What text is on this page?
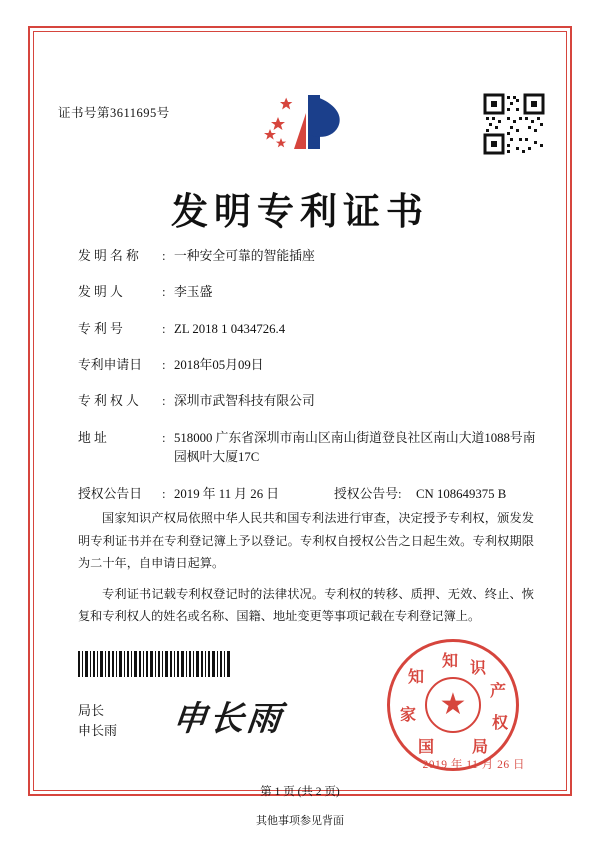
证书号第3611695号
发明专利证书
发 明 名 称	: 一种安全可靠的智能插座
发 明 人	: 李玉盛
专 利 号	: ZL 2018 1 0434726.4
专利申请日	: 2018年05月09日
专 利 权 人	: 深圳市武智科技有限公司
地 址	: 518000 广东省深圳市南山区南山街道登良社区南山大道1088号南园枫叶大厦17C
授权公告日	: 2019 年 11 月 26 日	授权公告号 :	CN 108649375 B

国家知识产权局依照中华人民共和国专利法进行审查，决定授予专利权，颁发发明专利证书并在专利登记簿上予以登记。专利权自授权公告之日起生效。专利权期限为二十年，自申请日起算。

专利证书记载专利权登记时的法律状况。专利权的转移、质押、无效、终止、恢复和专利权人的姓名或名称、国籍、地址变更等事项记载在专利登记簿上。

局长
申长雨 申长雨
知 识
产
权
局
国
家
知
★
2019 年 11 月 26 日
第 1 页 (共 2 页)
其他事项参见背面
